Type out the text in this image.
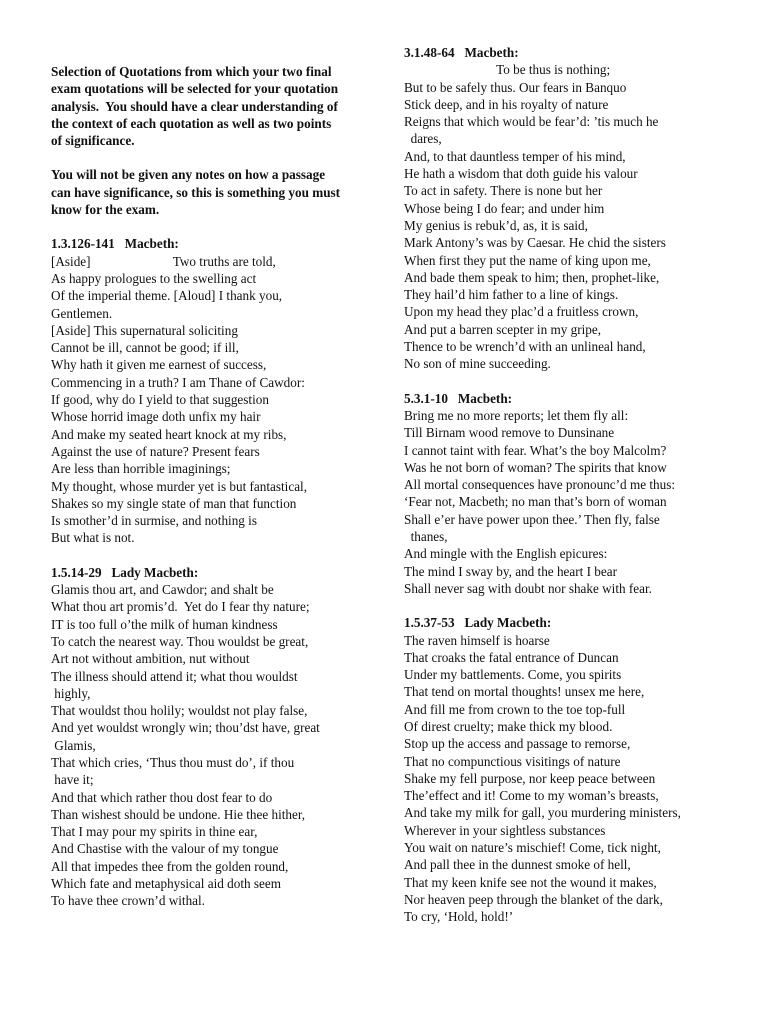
Selection of Quotations from which your two final
exam quotations will be selected for your quotation
analysis.  You should have a clear understanding of
the context of each quotation as well as two points
of significance.
You will not be given any notes on how a passage
can have significance, so this is something you must
know for the exam.
1.3.126-141   Macbeth:
[Aside]                         Two truths are told,
As happy prologues to the swelling act
Of the imperial theme. [Aloud] I thank you,
Gentlemen.
[Aside] This supernatural soliciting
Cannot be ill, cannot be good; if ill,
Why hath it given me earnest of success,
Commencing in a truth? I am Thane of Cawdor:
If good, why do I yield to that suggestion
Whose horrid image doth unfix my hair
And make my seated heart knock at my ribs,
Against the use of nature? Present fears
Are less than horrible imaginings;
My thought, whose murder yet is but fantastical,
Shakes so my single state of man that function
Is smother’d in surmise, and nothing is
But what is not.
1.5.14-29   Lady Macbeth:
Glamis thou art, and Cawdor; and shalt be
What thou art promis’d.  Yet do I fear thy nature;
IT is too full o’the milk of human kindness
To catch the nearest way. Thou wouldst be great,
Art not without ambition, nut without
The illness should attend it; what thou wouldst
highly,
That wouldst thou holily; wouldst not play false,
And yet wouldst wrongly win; thou’dst have, great
Glamis,
That which cries, ‘Thus thou must do’, if thou
have it;
And that which rather thou dost fear to do
Than wishest should be undone. Hie thee hither,
That I may pour my spirits in thine ear,
And Chastise with the valour of my tongue
All that impedes thee from the golden round,
Which fate and metaphysical aid doth seem
To have thee crown’d withal.
3.1.48-64   Macbeth:
To be thus is nothing;
But to be safely thus. Our fears in Banquo
Stick deep, and in his royalty of nature
Reigns that which would be fear’d: ’tis much he
dares,
And, to that dauntless temper of his mind,
He hath a wisdom that doth guide his valour
To act in safety. There is none but her
Whose being I do fear; and under him
My genius is rebuk’d, as, it is said,
Mark Antony’s was by Caesar. He chid the sisters
When first they put the name of king upon me,
And bade them speak to him; then, prophet-like,
They hail’d him father to a line of kings.
Upon my head they plac’d a fruitless crown,
And put a barren scepter in my gripe,
Thence to be wrench’d with an unlineal hand,
No son of mine succeeding.
5.3.1-10   Macbeth:
Bring me no more reports; let them fly all:
Till Birnam wood remove to Dunsinane
I cannot taint with fear. What’s the boy Malcolm?
Was he not born of woman? The spirits that know
All mortal consequences have pronounc’d me thus:
‘Fear not, Macbeth; no man that’s born of woman
Shall e’er have power upon thee.’ Then fly, false
thanes,
And mingle with the English epicures:
The mind I sway by, and the heart I bear
Shall never sag with doubt nor shake with fear.
1.5.37-53   Lady Macbeth:
The raven himself is hoarse
That croaks the fatal entrance of Duncan
Under my battlements. Come, you spirits
That tend on mortal thoughts! unsex me here,
And fill me from crown to the toe top-full
Of direst cruelty; make thick my blood.
Stop up the access and passage to remorse,
That no compunctious visitings of nature
Shake my fell purpose, nor keep peace between
The’effect and it! Come to my woman’s breasts,
And take my milk for gall, you murdering ministers,
Wherever in your sightless substances
You wait on nature’s mischief! Come, tick night,
And pall thee in the dunnest smoke of hell,
That my keen knife see not the wound it makes,
Nor heaven peep through the blanket of the dark,
To cry, ‘Hold, hold!’
